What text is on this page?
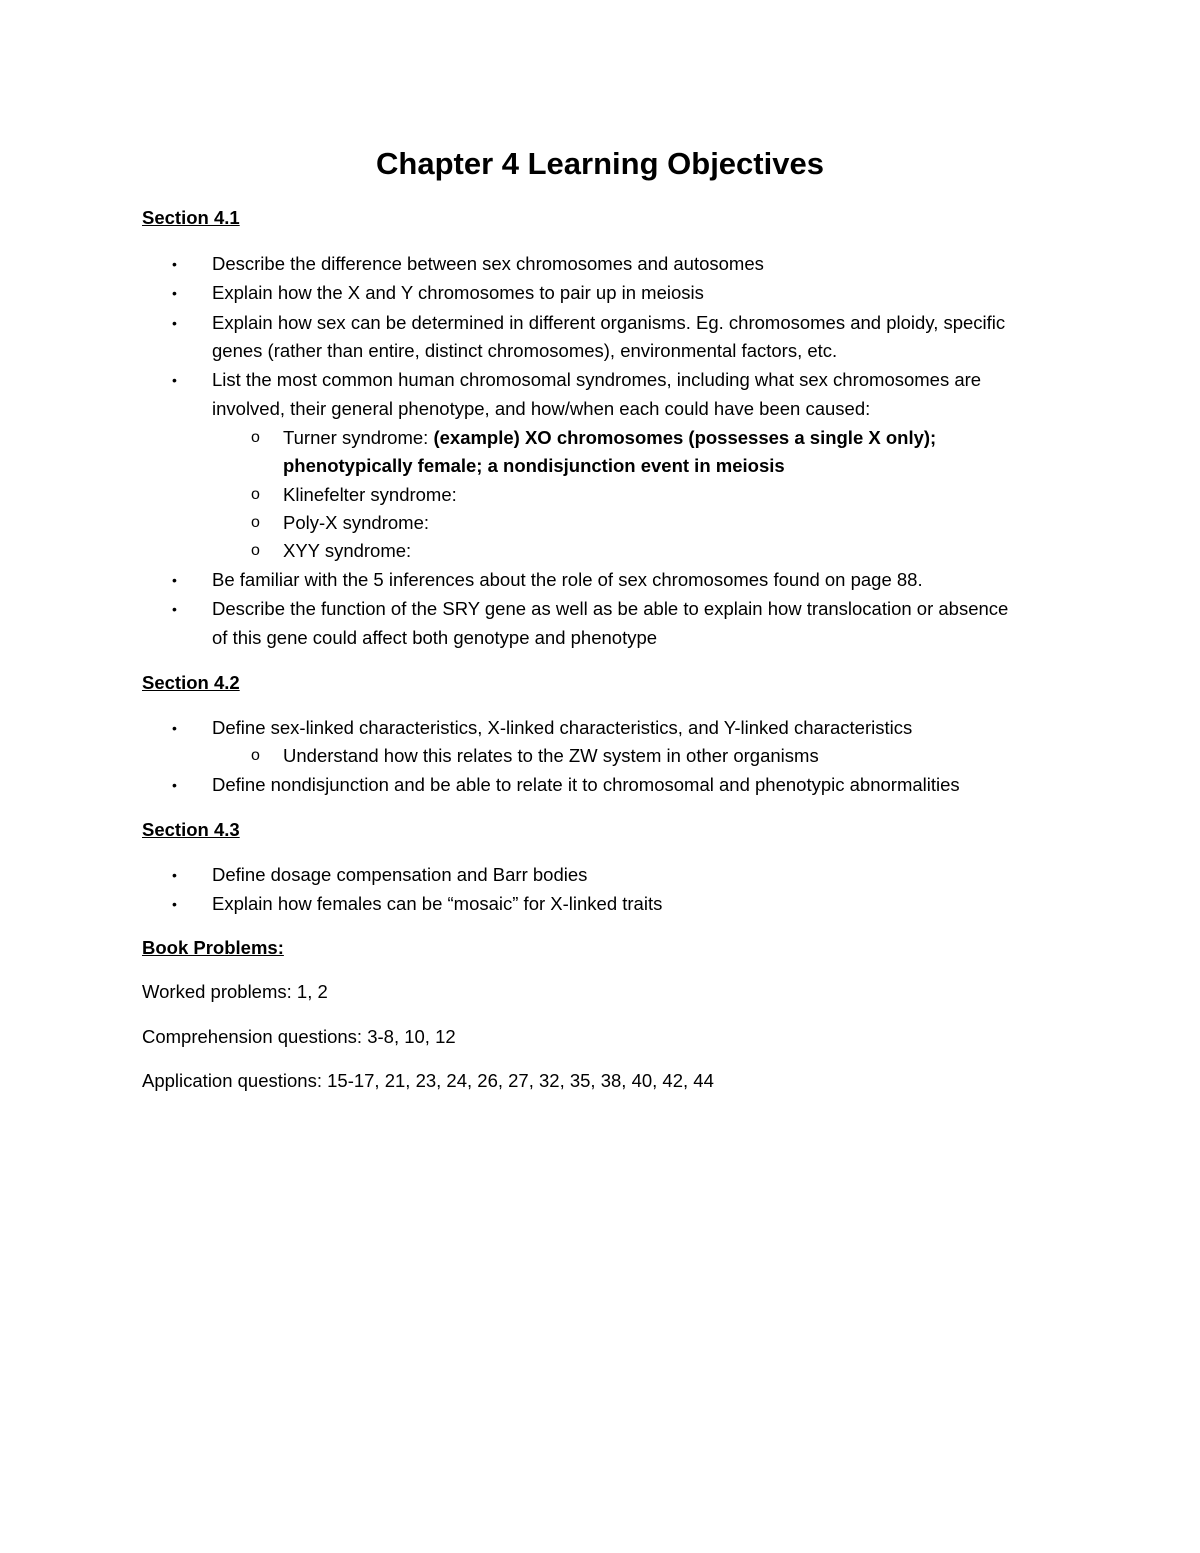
Chapter 4 Learning Objectives
Section 4.1
• Describe the difference between sex chromosomes and autosomes
• Explain how the X and Y chromosomes to pair up in meiosis
• Explain how sex can be determined in different organisms. Eg. chromosomes and ploidy, specific
genes (rather than entire, distinct chromosomes), environmental factors, etc.
• List the most common human chromosomal syndromes, including what sex chromosomes are
involved, their general phenotype, and how/when each could have been caused:
o Turner syndrome: (example) XO chromosomes (possesses a single X only);
phenotypically female; a nondisjunction event in meiosis
o Klinefelter syndrome:
o Poly-X syndrome:
o XYY syndrome:
• Be familiar with the 5 inferences about the role of sex chromosomes found on page 88.
• Describe the function of the SRY gene as well as be able to explain how translocation or absence
of this gene could affect both genotype and phenotype
Section 4.2
• Define sex-linked characteristics, X-linked characteristics, and Y-linked characteristics
o Understand how this relates to the ZW system in other organisms
• Define nondisjunction and be able to relate it to chromosomal and phenotypic abnormalities
Section 4.3
• Define dosage compensation and Barr bodies
• Explain how females can be “mosaic” for X-linked traits
Book Problems:
Worked problems: 1, 2
Comprehension questions: 3-8, 10, 12
Application questions: 15-17, 21, 23, 24, 26, 27, 32, 35, 38, 40, 42, 44
